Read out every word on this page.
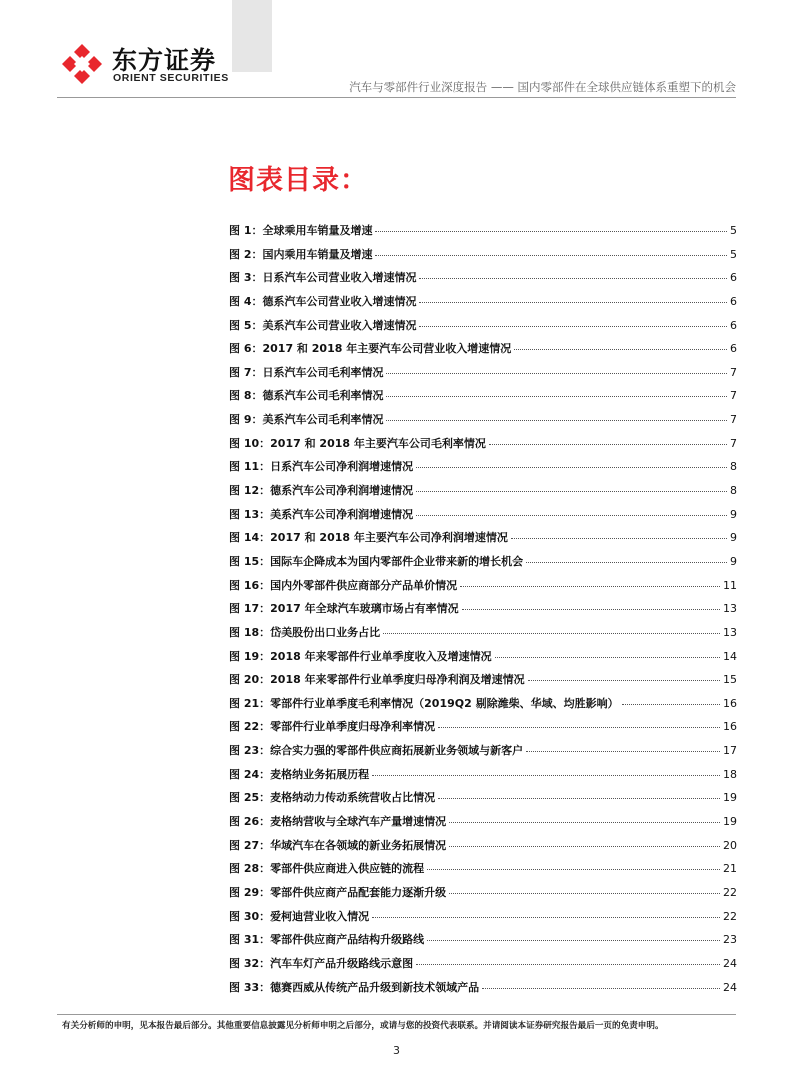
东方证券
ORIENT SECURITIES
汽车与零部件行业深度报告 —— 国内零部件在全球供应链体系重塑下的机会
图表目录：
图 1：全球乘用车销量及增速	5
图 2：国内乘用车销量及增速	5
图 3：日系汽车公司营业收入增速情况	6
图 4：德系汽车公司营业收入增速情况	6
图 5：美系汽车公司营业收入增速情况	6
图 6：2017 和 2018 年主要汽车公司营业收入增速情况	6
图 7：日系汽车公司毛利率情况	7
图 8：德系汽车公司毛利率情况	7
图 9：美系汽车公司毛利率情况	7
图 10：2017 和 2018 年主要汽车公司毛利率情况	7
图 11：日系汽车公司净利润增速情况	8
图 12：德系汽车公司净利润增速情况	8
图 13：美系汽车公司净利润增速情况	9
图 14：2017 和 2018 年主要汽车公司净利润增速情况	9
图 15：国际车企降成本为国内零部件企业带来新的增长机会	9
图 16：国内外零部件供应商部分产品单价情况	11
图 17：2017 年全球汽车玻璃市场占有率情况	13
图 18：岱美股份出口业务占比	13
图 19：2018 年来零部件行业单季度收入及增速情况	14
图 20：2018 年来零部件行业单季度归母净利润及增速情况	15
图 21：零部件行业单季度毛利率情况（2019Q2 剔除潍柴、华域、均胜影响）	16
图 22：零部件行业单季度归母净利率情况	16
图 23：综合实力强的零部件供应商拓展新业务领域与新客户	17
图 24：麦格纳业务拓展历程	18
图 25：麦格纳动力传动系统营收占比情况	19
图 26：麦格纳营收与全球汽车产量增速情况	19
图 27：华域汽车在各领域的新业务拓展情况	20
图 28：零部件供应商进入供应链的流程	21
图 29：零部件供应商产品配套能力逐渐升级	22
图 30：爱柯迪营业收入情况	22
图 31：零部件供应商产品结构升级路线	23
图 32：汽车车灯产品升级路线示意图	24
图 33：德赛西威从传统产品升级到新技术领域产品	24
有关分析师的申明，见本报告最后部分。其他重要信息披露见分析师申明之后部分，或请与您的投资代表联系。并请阅读本证券研究报告最后一页的免责申明。
3
